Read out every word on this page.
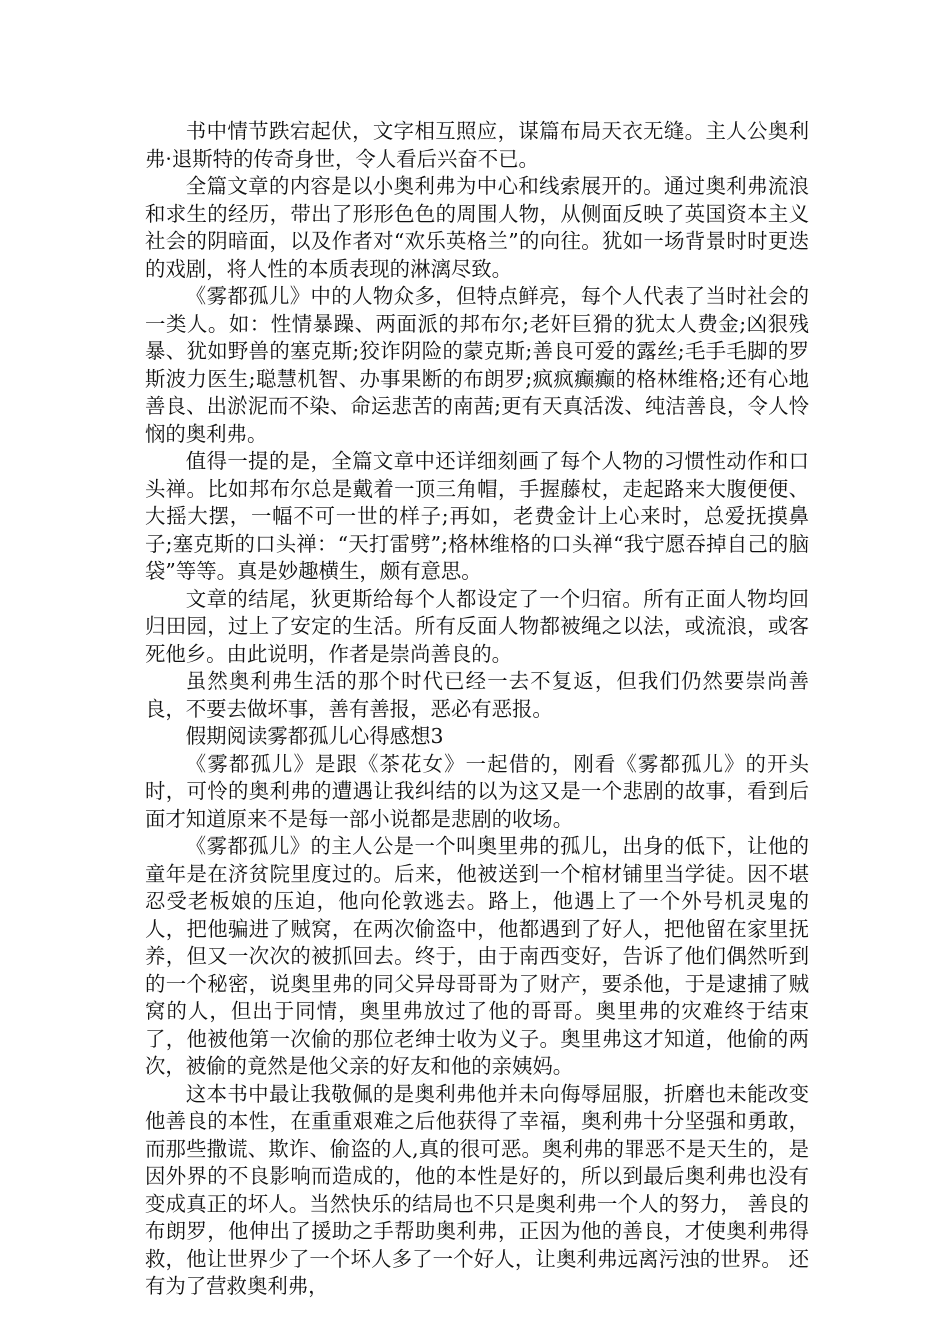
书中情节跌宕起伏，文字相互照应，谋篇布局天衣无缝。主人公奥利弗·退斯特的传奇身世，令人看后兴奋不已。

全篇文章的内容是以小奥利弗为中心和线索展开的。通过奥利弗流浪和求生的经历，带出了形形色色的周围人物，从侧面反映了英国资本主义社会的阴暗面，以及作者对“欢乐英格兰”的向往。犹如一场背景时时更迭的戏剧，将人性的本质表现的淋漓尽致。

《雾都孤儿》中的人物众多，但特点鲜亮，每个人代表了当时社会的一类人。如：性情暴躁、两面派的邦布尔;老奸巨猾的犹太人费金;凶狠残暴、犹如野兽的塞克斯;狡诈阴险的蒙克斯;善良可爱的露丝;毛手毛脚的罗斯波力医生;聪慧机智、办事果断的布朗罗;疯疯癫癫的格林维格;还有心地善良、出淤泥而不染、命运悲苦的南茜;更有天真活泼、纯洁善良，令人怜悯的奥利弗。

值得一提的是，全篇文章中还详细刻画了每个人物的习惯性动作和口头禅。比如邦布尔总是戴着一顶三角帽，手握藤杖，走起路来大腹便便、大摇大摆，一幅不可一世的样子;再如，老费金计上心来时，总爱抚摸鼻子;塞克斯的口头禅：“天打雷劈”;格林维格的口头禅“我宁愿吞掉自己的脑袋”等等。真是妙趣横生，颇有意思。

文章的结尾，狄更斯给每个人都设定了一个归宿。所有正面人物均回归田园，过上了安定的生活。所有反面人物都被绳之以法，或流浪，或客死他乡。由此说明，作者是崇尚善良的。

虽然奥利弗生活的那个时代已经一去不复返，但我们仍然要崇尚善良，不要去做坏事，善有善报，恶必有恶报。

假期阅读雾都孤儿心得感想3

《雾都孤儿》是跟《茶花女》一起借的，刚看《雾都孤儿》的开头时，可怜的奥利弗的遭遇让我纠结的以为这又是一个悲剧的故事，看到后面才知道原来不是每一部小说都是悲剧的收场。

《雾都孤儿》的主人公是一个叫奥里弗的孤儿，出身的低下，让他的童年是在济贫院里度过的。后来，他被送到一个棺材铺里当学徒。因不堪忍受老板娘的压迫，他向伦敦逃去。路上，他遇上了一个外号机灵鬼的人，把他骗进了贼窝，在两次偷盗中，他都遇到了好人，把他留在家里抚养，但又一次次的被抓回去。终于，由于南西变好，告诉了他们偶然听到的一个秘密，说奥里弗的同父异母哥哥为了财产，要杀他，于是逮捕了贼窝的人，但出于同情，奥里弗放过了他的哥哥。奥里弗的灾难终于结束了，他被他第一次偷的那位老绅士收为义子。奥里弗这才知道，他偷的两次，被偷的竟然是他父亲的好友和他的亲姨妈。

这本书中最让我敬佩的是奥利弗他并未向侮辱屈服，折磨也未能改变他善良的本性，在重重艰难之后他获得了幸福，奥利弗十分坚强和勇敢，而那些撒谎、欺诈、偷盗的人,真的很可恶。奥利弗的罪恶不是天生的，是因外界的不良影响而造成的，他的本性是好的，所以到最后奥利弗也没有变成真正的坏人。当然快乐的结局也不只是奥利弗一个人的努力， 善良的布朗罗，他伸出了援助之手帮助奥利弗，正因为他的善良，才使奥利弗得救，他让世界少了一个坏人多了一个好人，让奥利弗远离污浊的世界。 还有为了营救奥利弗，
